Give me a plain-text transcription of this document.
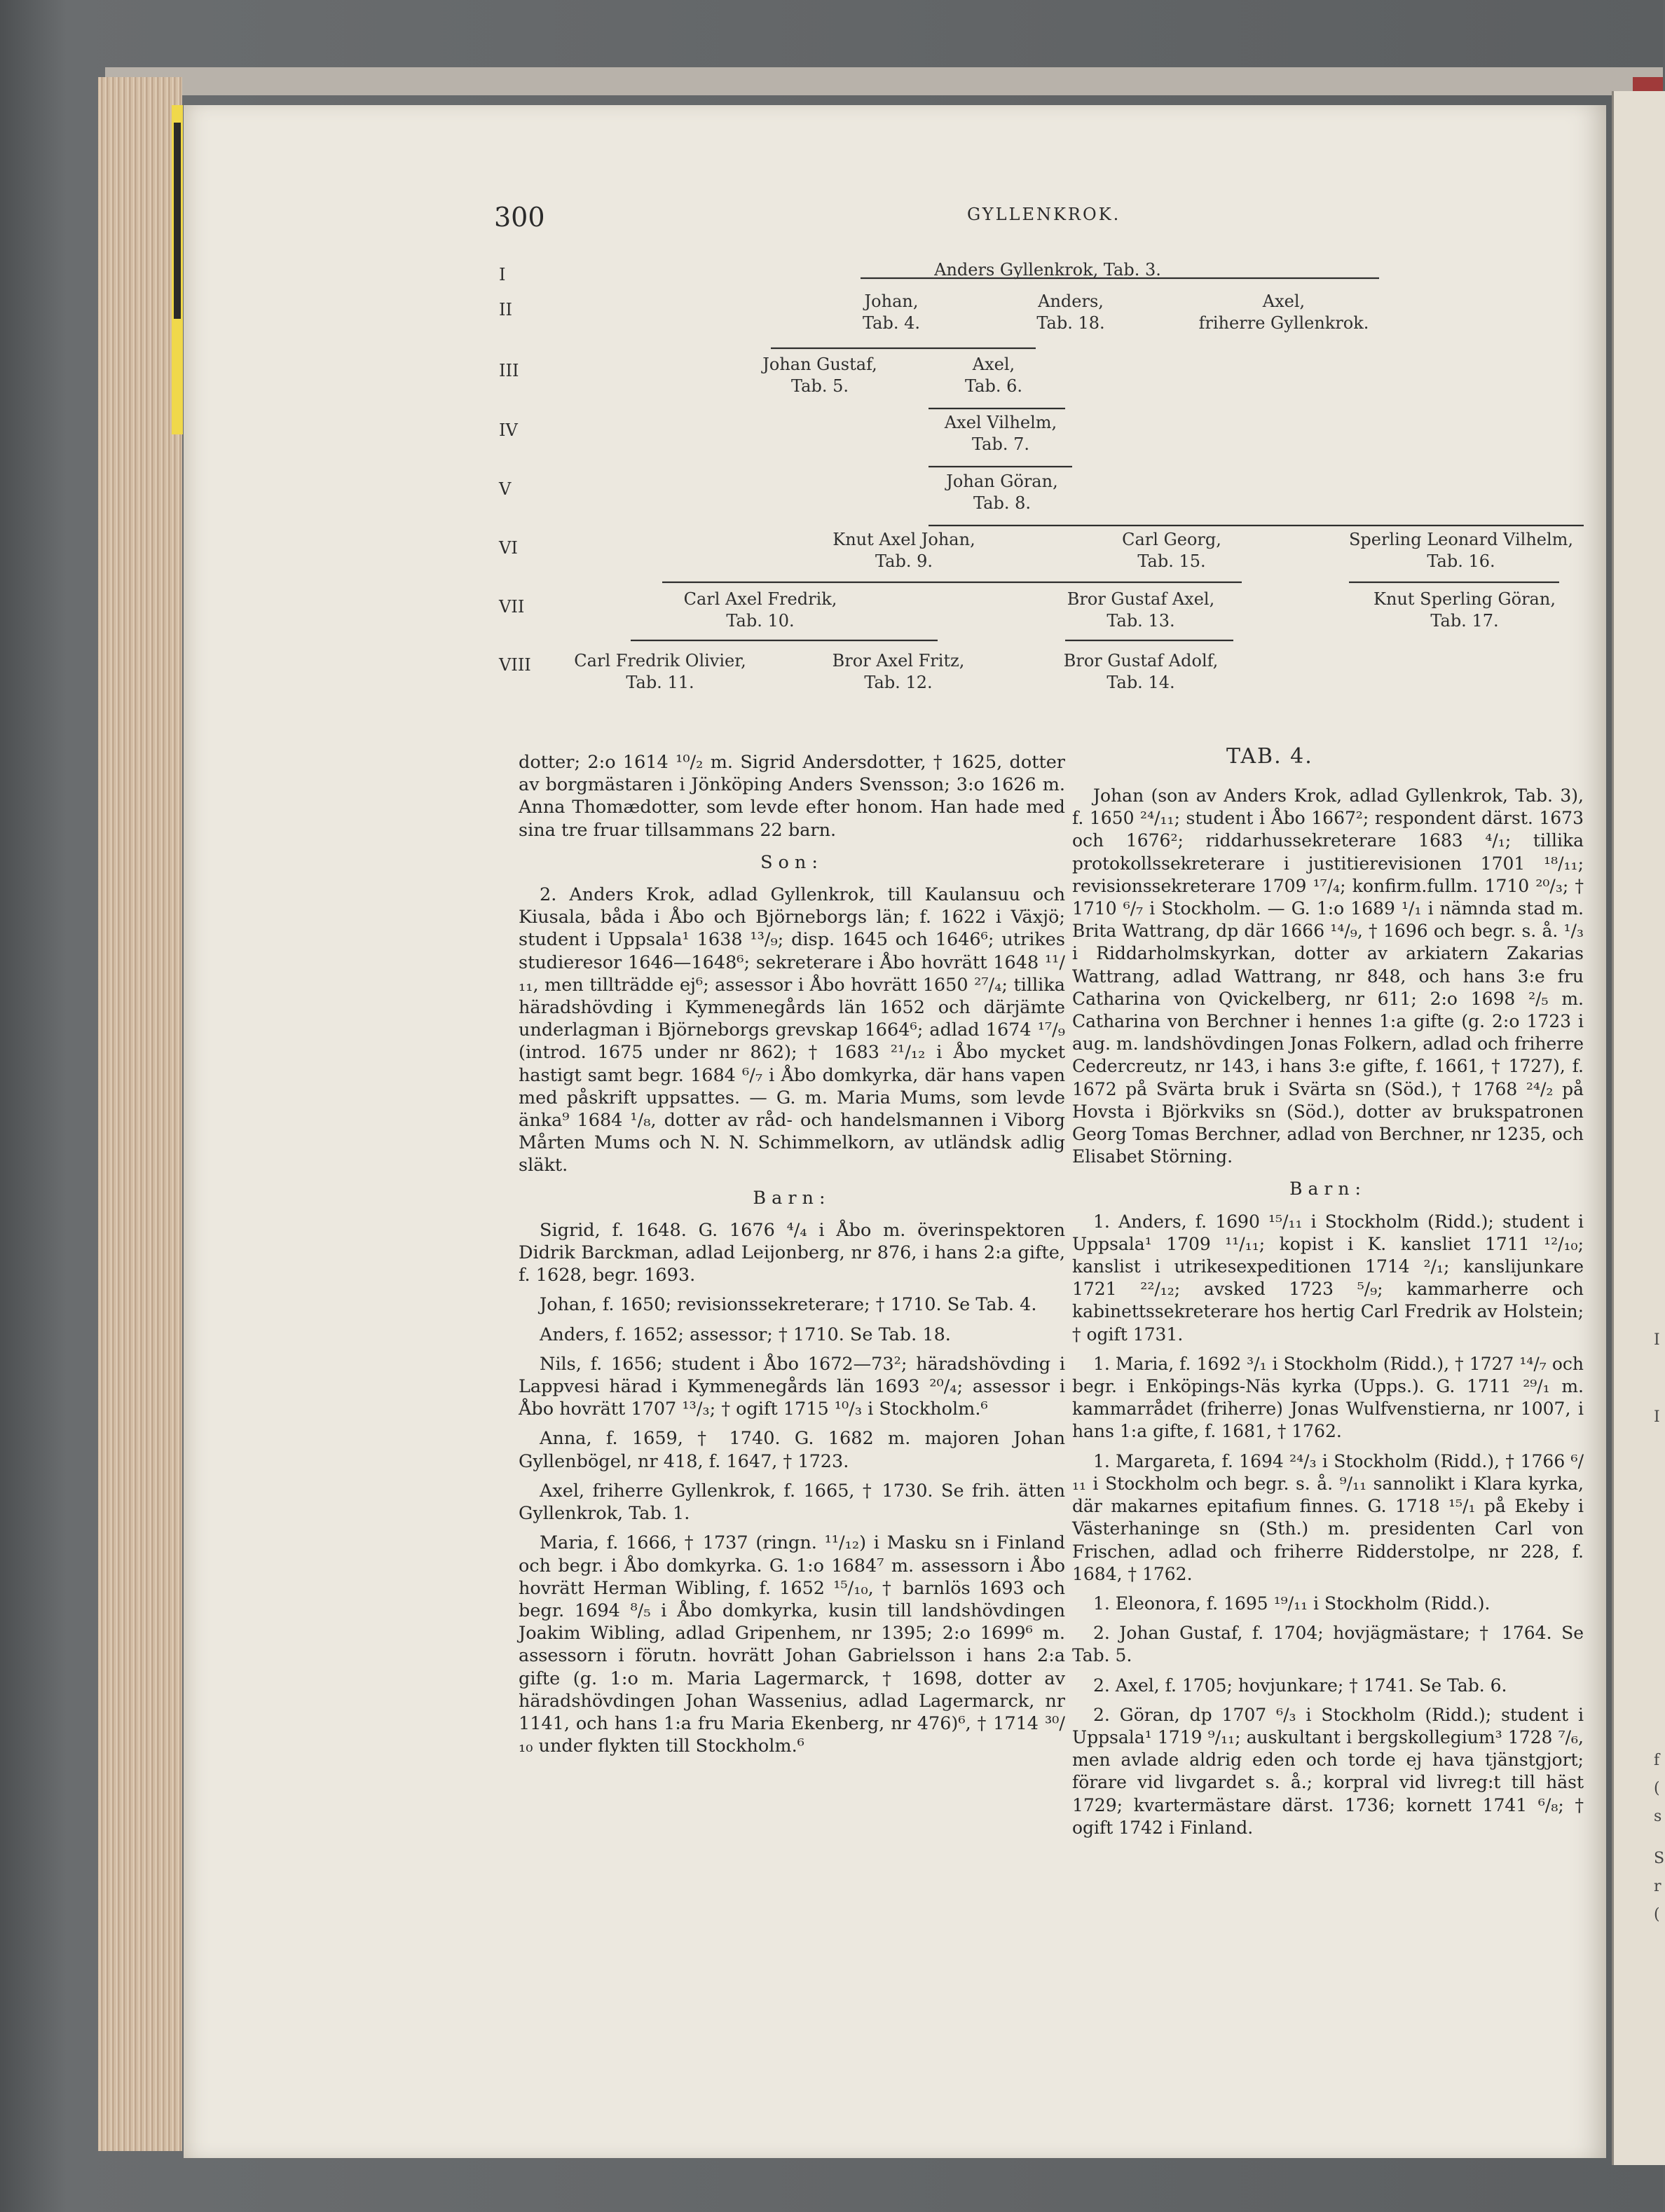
300	GYLLENKROK.
I
II
III
IV
V
VI
VII
VIII
Anders Gyllenkrok, Tab. 3.
Johan,
Tab. 4.
Anders,
Tab. 18.
Axel,
friherre Gyllenkrok.
Johan Gustaf,
Tab. 5.
Axel,
Tab. 6.
Axel Vilhelm,
Tab. 7.
Johan Göran,
Tab. 8.
Knut Axel Johan,
Tab. 9.
Carl Georg,
Tab. 15.
Sperling Leonard Vilhelm,
Tab. 16.
Carl Axel Fredrik,
Tab. 10.
Bror Gustaf Axel,
Tab. 13.
Knut Sperling Göran,
Tab. 17.
Carl Fredrik Olivier,
Tab. 11.
Bror Axel Fritz,
Tab. 12.
Bror Gustaf Adolf,
Tab. 14.

dotter; 2:o 1614 ¹⁰/₂ m. Sigrid Andersdotter, † 1625, dotter av borgmästaren i Jönköping Anders Svensson; 3:o 1626 m. Anna Thomædotter, som levde efter honom. Han hade med sina tre fruar tillsammans 22 barn.

Son:

2. Anders Krok, adlad Gyllenkrok, till Kaulansuu och Kiusala, båda i Åbo och Björneborgs län; f. 1622 i Växjö; student i Uppsala¹ 1638 ¹³/₉; disp. 1645 och 1646⁶; utrikes studieresor 1646—1648⁶; sekreterare i Åbo hovrätt 1648 ¹¹/₁₁, men tillträdde ej⁶; assessor i Åbo hovrätt 1650 ²⁷/₄; tillika häradshövding i Kymmenegårds län 1652 och därjämte underlagman i Björneborgs grevskap 1664⁶; adlad 1674 ¹⁷/₉ (introd. 1675 under nr 862); † 1683 ²¹/₁₂ i Åbo mycket hastigt samt begr. 1684 ⁶/₇ i Åbo domkyrka, där hans vapen med påskrift uppsattes. — G. m. Maria Mums, som levde änka⁹ 1684 ¹/₈, dotter av råd- och handelsmannen i Viborg Mårten Mums och N. N. Schimmelkorn, av utländsk adlig släkt.

Barn:

Sigrid, f. 1648. G. 1676 ⁴/₄ i Åbo m. överinspektoren Didrik Barckman, adlad Leijonberg, nr 876, i hans 2:a gifte, f. 1628, begr. 1693.

Johan, f. 1650; revisionssekreterare; † 1710. Se Tab. 4.

Anders, f. 1652; assessor; † 1710. Se Tab. 18.

Nils, f. 1656; student i Åbo 1672—73²; häradshövding i Lappvesi härad i Kymmenegårds län 1693 ²⁰/₄; assessor i Åbo hovrätt 1707 ¹³/₃; † ogift 1715 ¹⁰/₃ i Stockholm.⁶

Anna, f. 1659, † 1740. G. 1682 m. majoren Johan Gyllenbögel, nr 418, f. 1647, † 1723.

Axel, friherre Gyllenkrok, f. 1665, † 1730. Se frih. ätten Gyllenkrok, Tab. 1.

Maria, f. 1666, † 1737 (ringn. ¹¹/₁₂) i Masku sn i Finland och begr. i Åbo domkyrka. G. 1:o 1684⁷ m. assessorn i Åbo hovrätt Herman Wibling, f. 1652 ¹⁵/₁₀, † barnlös 1693 och begr. 1694 ⁸/₅ i Åbo domkyrka, kusin till landshövdingen Joakim Wibling, adlad Gripenhem, nr 1395; 2:o 1699⁶ m. assessorn i förutn. hovrätt Johan Gabrielsson i hans 2:a gifte (g. 1:o m. Maria Lagermarck, † 1698, dotter av häradshövdingen Johan Wassenius, adlad Lagermarck, nr 1141, och hans 1:a fru Maria Ekenberg, nr 476)⁶, † 1714 ³⁰/₁₀ under flykten till Stockholm.⁶

TAB. 4.

Johan (son av Anders Krok, adlad Gyllenkrok, Tab. 3), f. 1650 ²⁴/₁₁; student i Åbo 1667²; respondent därst. 1673 och 1676²; riddarhussekreterare 1683 ⁴/₁; tillika protokollssekreterare i justitierevisionen 1701 ¹⁸/₁₁; revisionssekreterare 1709 ¹⁷/₄; konfirm.fullm. 1710 ²⁰/₃; † 1710 ⁶/₇ i Stockholm. — G. 1:o 1689 ¹/₁ i nämnda stad m. Brita Wattrang, dp där 1666 ¹⁴/₉, † 1696 och begr. s. å. ¹/₃ i Riddarholmskyrkan, dotter av arkiatern Zakarias Wattrang, adlad Wattrang, nr 848, och hans 3:e fru Catharina von Qvickelberg, nr 611; 2:o 1698 ²/₅ m. Catharina von Berchner i hennes 1:a gifte (g. 2:o 1723 i aug. m. landshövdingen Jonas Folkern, adlad och friherre Cedercreutz, nr 143, i hans 3:e gifte, f. 1661, † 1727), f. 1672 på Svärta bruk i Svärta sn (Söd.), † 1768 ²⁴/₂ på Hovsta i Björkviks sn (Söd.), dotter av brukspatronen Georg Tomas Berchner, adlad von Berchner, nr 1235, och Elisabet Störning.

Barn:

1. Anders, f. 1690 ¹⁵/₁₁ i Stockholm (Ridd.); student i Uppsala¹ 1709 ¹¹/₁₁; kopist i K. kansliet 1711 ¹²/₁₀; kanslist i utrikesexpeditionen 1714 ²/₁; kanslijunkare 1721 ²²/₁₂; avsked 1723 ⁵/₉; kammarherre och kabinettssekreterare hos hertig Carl Fredrik av Holstein; † ogift 1731.

1. Maria, f. 1692 ³/₁ i Stockholm (Ridd.), † 1727 ¹⁴/₇ och begr. i Enköpings-Näs kyrka (Upps.). G. 1711 ²⁹/₁ m. kammarrådet (friherre) Jonas Wulfvenstierna, nr 1007, i hans 1:a gifte, f. 1681, † 1762.

1. Margareta, f. 1694 ²⁴/₃ i Stockholm (Ridd.), † 1766 ⁶/₁₁ i Stockholm och begr. s. å. ⁹/₁₁ sannolikt i Klara kyrka, där makarnes epitafium finnes. G. 1718 ¹⁵/₁ på Ekeby i Västerhaninge sn (Sth.) m. presidenten Carl von Frischen, adlad och friherre Ridderstolpe, nr 228, f. 1684, † 1762.

1. Eleonora, f. 1695 ¹⁹/₁₁ i Stockholm (Ridd.).

2. Johan Gustaf, f. 1704; hovjägmästare; † 1764. Se Tab. 5.

2. Axel, f. 1705; hovjunkare; † 1741. Se Tab. 6.

2. Göran, dp 1707 ⁶/₃ i Stockholm (Ridd.); student i Uppsala¹ 1719 ⁹/₁₁; auskultant i bergskollegium³ 1728 ⁷/₆, men avlade aldrig eden och torde ej hava tjänstgjort; förare vid livgardet s. å.; korpral vid livreg:t till häst 1729; kvartermästare därst. 1736; kornett 1741 ⁶/₈; † ogift 1742 i Finland.

I
I
f
(
s
S
r
(
